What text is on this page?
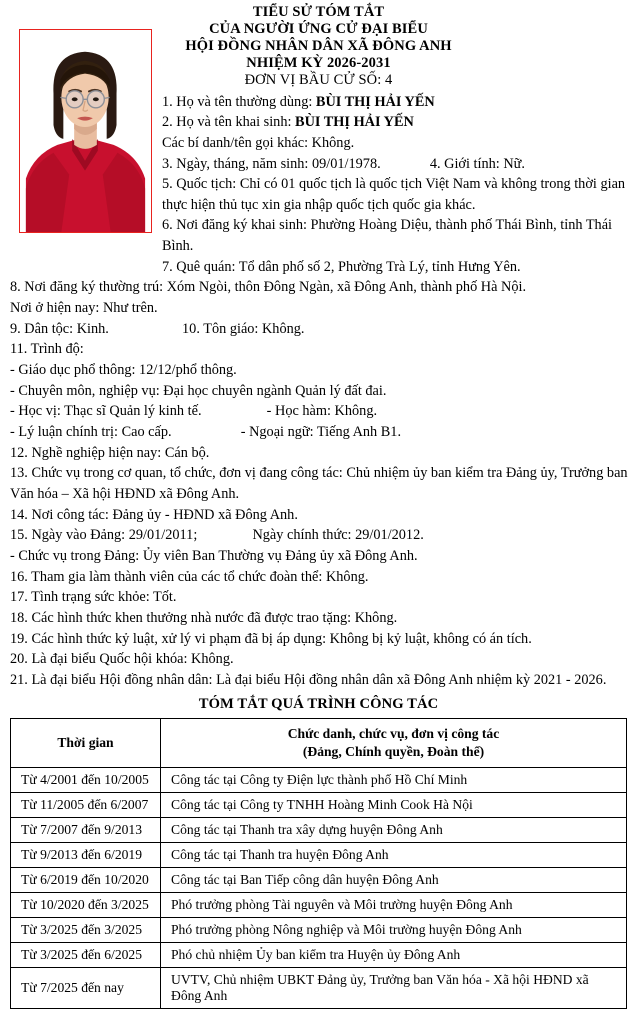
TIỂU SỬ TÓM TẮT
CỦA NGƯỜI ỨNG CỬ ĐẠI BIỂU
HỘI ĐỒNG NHÂN DÂN XÃ ĐÔNG ANH
NHIỆM KỲ 2026-2031
ĐƠN VỊ BẦU CỬ SỐ: 4
1. Họ và tên thường dùng: BÙI THỊ HẢI YẾN
2. Họ và tên khai sinh: BÙI THỊ HẢI YẾN
Các bí danh/tên gọi khác: Không.
3. Ngày, tháng, năm sinh: 09/01/1978.	4. Giới tính: Nữ.
5. Quốc tịch: Chỉ có 01 quốc tịch là quốc tịch Việt Nam và không trong thời gian
thực hiện thủ tục xin gia nhập quốc tịch quốc gia khác.
6. Nơi đăng ký khai sinh: Phường Hoàng Diệu, thành phố Thái Bình, tỉnh Thái Bình.
7. Quê quán: Tổ dân phố số 2, Phường Trà Lý, tỉnh Hưng Yên.
8. Nơi đăng ký thường trú: Xóm Ngòi, thôn Đông Ngàn, xã Đông Anh, thành phố Hà Nội.
Nơi ở hiện nay: Như trên.
9. Dân tộc: Kinh.	10. Tôn giáo: Không.
11. Trình độ:
- Giáo dục phổ thông: 12/12/phổ thông.
- Chuyên môn, nghiệp vụ: Đại học chuyên ngành Quản lý đất đai.
- Học vị: Thạc sĩ Quản lý kinh tế.	- Học hàm: Không.
- Lý luận chính trị: Cao cấp.	- Ngoại ngữ: Tiếng Anh B1.
12. Nghề nghiệp hiện nay: Cán bộ.
13. Chức vụ trong cơ quan, tổ chức, đơn vị đang công tác: Chủ nhiệm ủy ban kiểm tra Đảng ủy, Trưởng ban
Văn hóa – Xã hội HĐND xã Đông Anh.
14. Nơi công tác: Đảng ủy - HĐND xã Đông Anh.
15. Ngày vào Đảng: 29/01/2011;	Ngày chính thức: 29/01/2012.
- Chức vụ trong Đảng: Ủy viên Ban Thường vụ Đảng ủy xã Đông Anh.
16. Tham gia làm thành viên của các tổ chức đoàn thể: Không.
17. Tình trạng sức khỏe: Tốt.
18. Các hình thức khen thưởng nhà nước đã được trao tặng: Không.
19. Các hình thức kỷ luật, xử lý vi phạm đã bị áp dụng: Không bị kỷ luật, không có án tích.
20. Là đại biểu Quốc hội khóa: Không.
21. Là đại biểu Hội đồng nhân dân: Là đại biểu Hội đồng nhân dân xã Đông Anh nhiệm kỳ 2021 - 2026.
TÓM TẮT QUÁ TRÌNH CÔNG TÁC
Thời gian	Chức danh, chức vụ, đơn vị công tác
(Đảng, Chính quyền, Đoàn thể)

Từ 4/2001 đến 10/2005	Công tác tại Công ty Điện lực thành phố Hồ Chí Minh
Từ 11/2005 đến 6/2007	Công tác tại Công ty TNHH Hoàng Minh Cook Hà Nội
Từ 7/2007 đến 9/2013	Công tác tại Thanh tra xây dựng huyện Đông Anh
Từ 9/2013 đến 6/2019	Công tác tại Thanh tra huyện Đông Anh
Từ 6/2019 đến 10/2020	Công tác tại Ban Tiếp công dân huyện Đông Anh
Từ 10/2020 đến 3/2025	Phó trưởng phòng Tài nguyên và Môi trường huyện Đông Anh
Từ 3/2025 đến 3/2025	Phó trưởng phòng Nông nghiệp và Môi trường huyện Đông Anh
Từ 3/2025 đến 6/2025	Phó chủ nhiệm Ủy ban kiểm tra Huyện ủy Đông Anh
Từ 7/2025 đến nay	UVTV, Chủ nhiệm UBKT Đảng ủy, Trưởng ban Văn hóa - Xã hội HĐND xã Đông Anh
